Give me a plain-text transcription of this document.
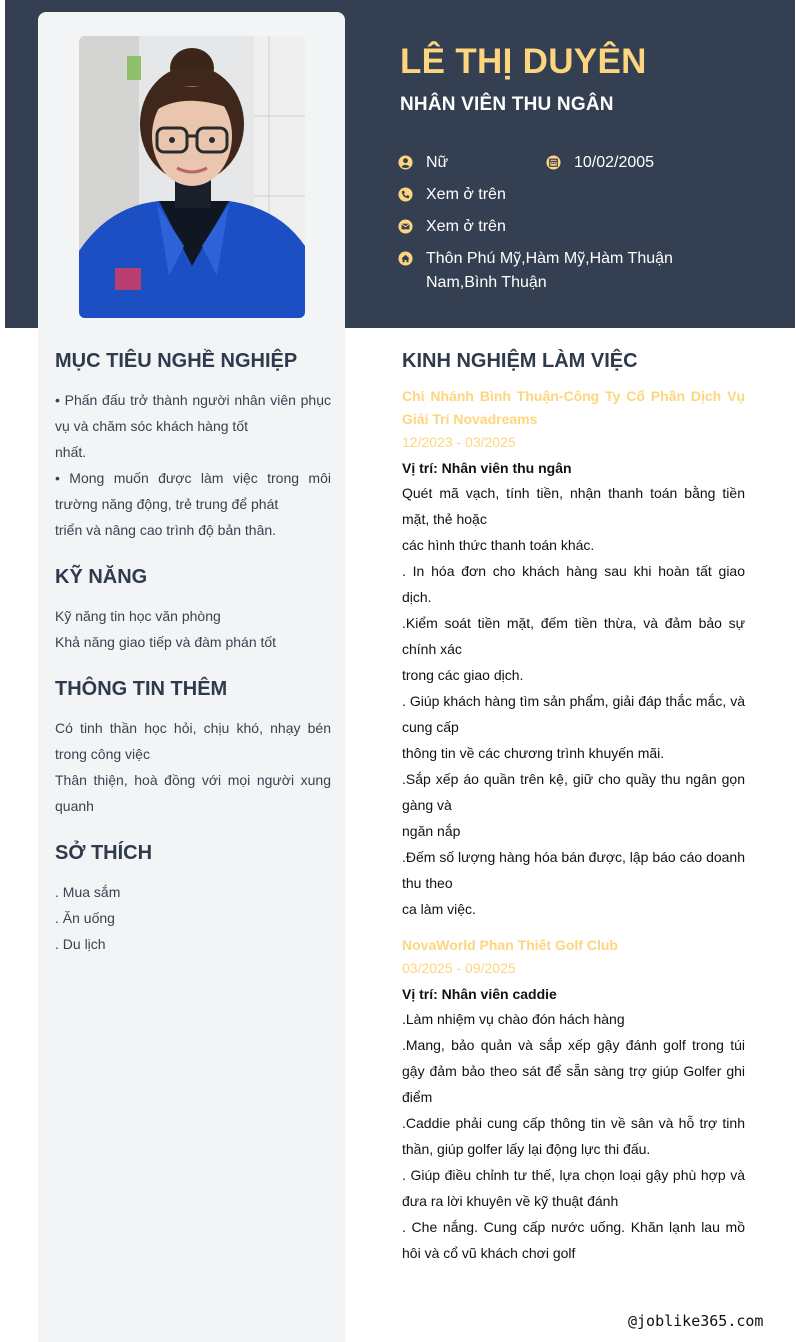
LÊ THỊ DUYÊN
NHÂN VIÊN THU NGÂN
Nữ	10/02/2005
Xem ở trên
Xem ở trên
Thôn Phú Mỹ,Hàm Mỹ,Hàm Thuận Nam,Bình Thuận
MỤC TIÊU NGHỀ NGHIỆP
• Phấn đấu trở thành người nhân viên phục vụ và chăm sóc khách hàng tốt
nhất.
• Mong muốn được làm việc trong môi trường năng động, trẻ trung để phát
triển và nâng cao trình độ bản thân.
KỸ NĂNG
Kỹ năng tin học văn phòng
Khả năng giao tiếp và đàm phán tốt
THÔNG TIN THÊM
Có tinh thần học hỏi, chịu khó, nhạy bén trong công việc
Thân thiện, hoà đồng với mọi người xung quanh
SỞ THÍCH
. Mua sắm
. Ăn uống
. Du lịch
KINH NGHIỆM LÀM VIỆC
Chi Nhánh Bình Thuận-Công Ty Cổ Phần Dịch Vụ Giải Trí Novadreams
12/2023 - 03/2025
Vị trí: Nhân viên thu ngân
Quét mã vạch, tính tiền, nhận thanh toán bằng tiền mặt, thẻ hoặc
các hình thức thanh toán khác.
. In hóa đơn cho khách hàng sau khi hoàn tất giao dịch.
.Kiểm soát tiền mặt, đếm tiền thừa, và đảm bảo sự chính xác
trong các giao dịch.
. Giúp khách hàng tìm sản phẩm, giải đáp thắc mắc, và cung cấp
thông tin về các chương trình khuyến mãi.
.Sắp xếp áo quần trên kệ, giữ cho quầy thu ngân gọn gàng và
ngăn nắp
.Đếm số lượng hàng hóa bán được, lập báo cáo doanh thu theo
ca làm việc.
NovaWorld Phan Thiết Golf Club
03/2025 - 09/2025
Vị trí: Nhân viên caddie
.Làm nhiệm vụ chào đón hách hàng
.Mang, bảo quản và sắp xếp gậy đánh golf trong túi gậy đảm bảo theo sát để sẵn sàng trợ giúp Golfer ghi điểm
.Caddie phải cung cấp thông tin về sân và hỗ trợ tinh thần, giúp golfer lấy lại động lực thi đấu.
. Giúp điều chỉnh tư thế, lựa chọn loại gậy phù hợp và đưa ra lời khuyên về kỹ thuật đánh
. Che nắng. Cung cấp nước uống. Khăn lạnh lau mồ hôi và cổ vũ khách chơi golf
@joblike365.com
